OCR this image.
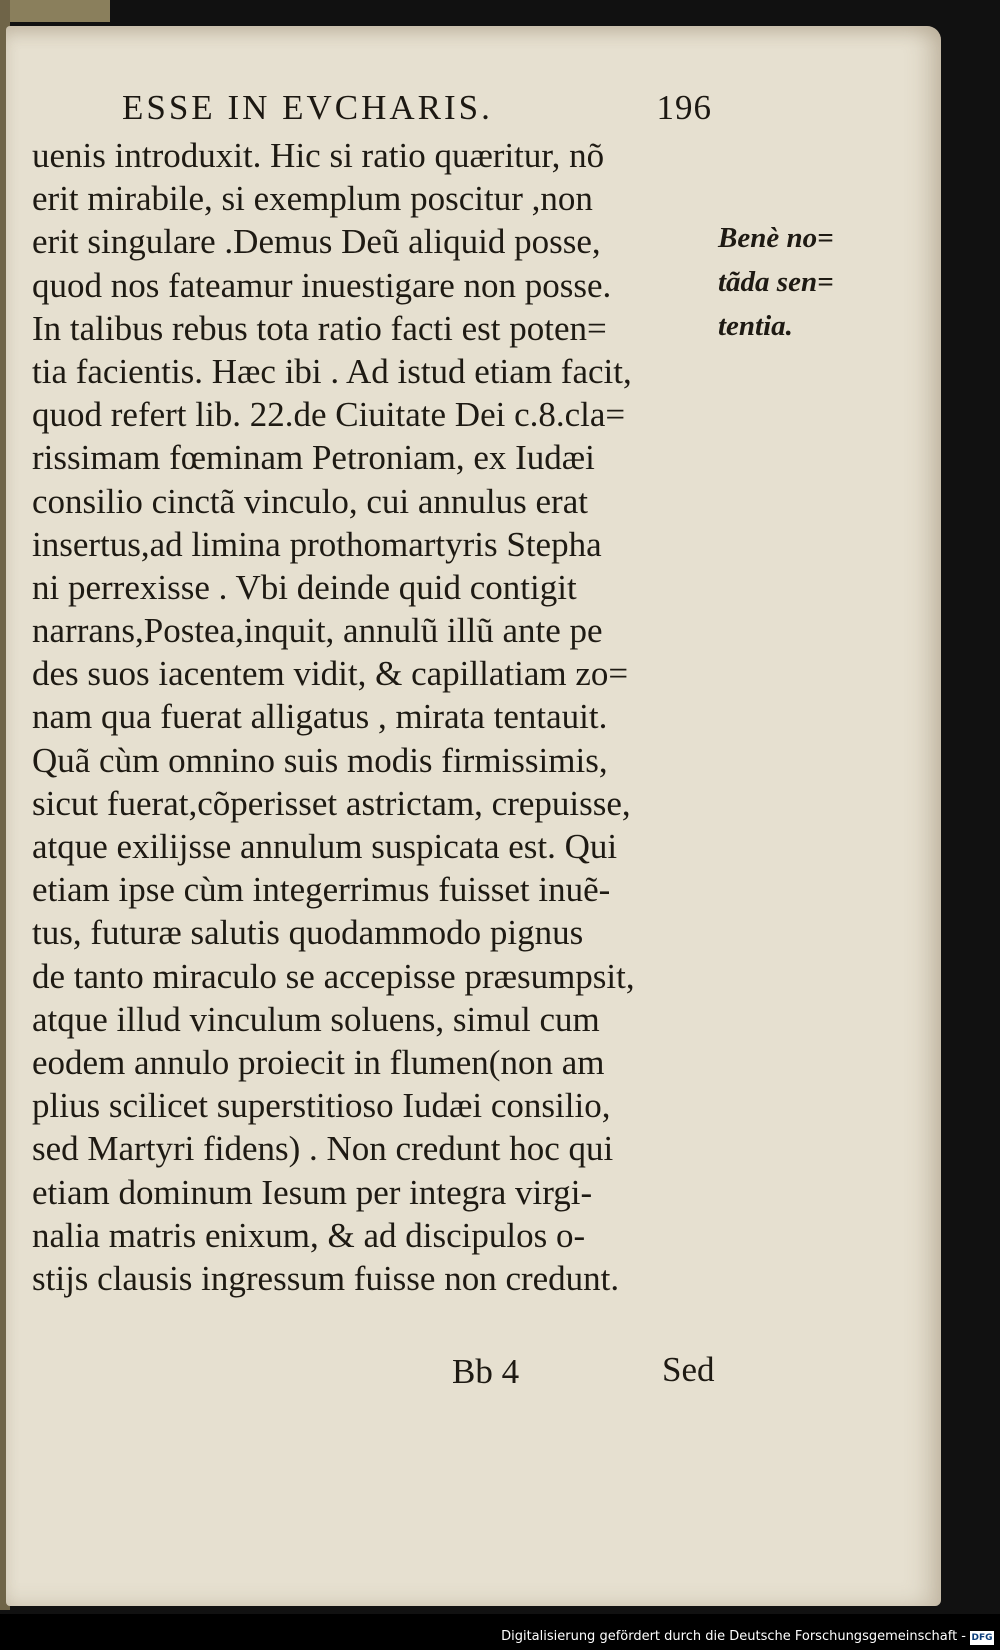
ESSE IN EVCHARIS.	196
uenis introduxit. Hic si ratio quæritur, nõ
erit mirabile, si exemplum poscitur ,non
erit singulare .Demus Deũ aliquid posse,
quod nos fateamur inuestigare non posse.
In talibus rebus tota ratio facti est poten=
tia facientis. Hæc ibi . Ad istud etiam facit,
quod refert lib. 22.de Ciuitate Dei c.8.cla=
rissimam fœminam Petroniam, ex Iudæi
consilio cinctã vinculo, cui annulus erat
insertus,ad limina prothomartyris Stepha
ni perrexisse . Vbi deinde quid contigit
narrans,Postea,inquit, annulũ illũ ante pe
des suos iacentem vidit, & capillatiam zo=
nam qua fuerat alligatus , mirata tentauit.
Quã cùm omnino suis modis firmissimis,
sicut fuerat,cõperisset astrictam, crepuisse,
atque exilijsse annulum suspicata est. Qui
etiam ipse cùm integerrimus fuisset inuẽ-
tus, futuræ salutis quodammodo pignus
de tanto miraculo se accepisse præsumpsit,
atque illud vinculum soluens, simul cum
eodem annulo proiecit in flumen(non am
plius scilicet superstitioso Iudæi consilio,
sed Martyri fidens) . Non credunt hoc qui
etiam dominum Iesum per integra virgi-
nalia matris enixum, & ad discipulos o-
stijs clausis ingressum fuisse non credunt.
Benè no=
tãda sen=
tentia.
Bb 4	Sed
Digitalisierung gefördert durch die Deutsche Forschungsgemeinschaft - DFG
